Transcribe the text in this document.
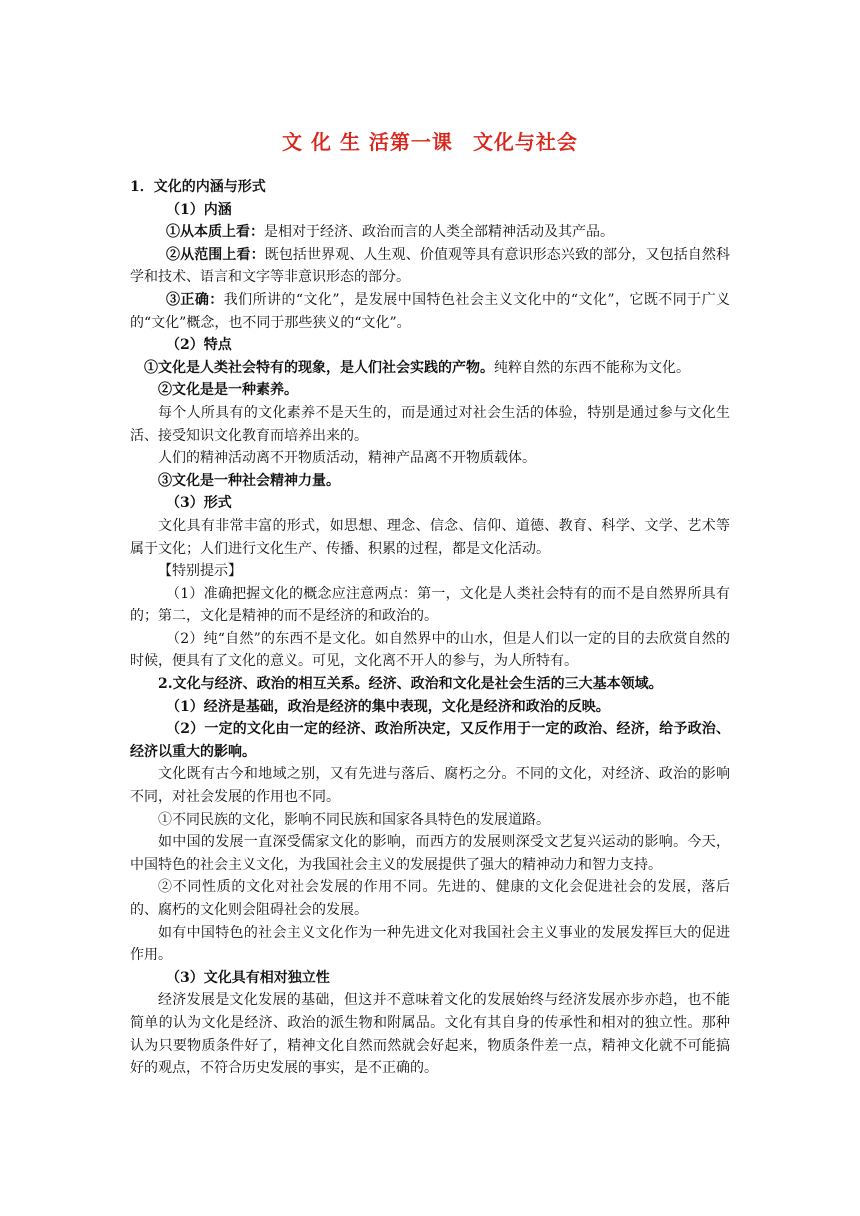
文 化 生 活第一课 文化与社会

1．文化的内涵与形式

（1）内涵

①从本质上看：是相对于经济、政治而言的人类全部精神活动及其产品。

②从范围上看：既包括世界观、人生观、价值观等具有意识形态兴致的部分，又包括自然科学和技术、语言和文字等非意识形态的部分。

③正确：我们所讲的“文化”，是发展中国特色社会主义文化中的“文化”，它既不同于广义的“文化”概念，也不同于那些狭义的“文化”。

（2）特点

①文化是人类社会特有的现象，是人们社会实践的产物。纯粹自然的东西不能称为文化。

②文化是是一种素养。

每个人所具有的文化素养不是天生的，而是通过对社会生活的体验，特别是通过参与文化生活、接受知识文化教育而培养出来的。

人们的精神活动离不开物质活动，精神产品离不开物质载体。

③文化是一种社会精神力量。

（3）形式

文化具有非常丰富的形式，如思想、理念、信念、信仰、道德、教育、科学、文学、艺术等属于文化；人们进行文化生产、传播、积累的过程，都是文化活动。

【特别提示】

（1）准确把握文化的概念应注意两点：第一，文化是人类社会特有的而不是自然界所具有的；第二，文化是精神的而不是经济的和政治的。

（2）纯“自然”的东西不是文化。如自然界中的山水，但是人们以一定的目的去欣赏自然的时候，便具有了文化的意义。可见，文化离不开人的参与，为人所特有。

2.文化与经济、政治的相互关系。经济、政治和文化是社会生活的三大基本领域。

（1）经济是基础，政治是经济的集中表现，文化是经济和政治的反映。

（2）一定的文化由一定的经济、政治所决定，又反作用于一定的政治、经济，给予政治、经济以重大的影响。

文化既有古今和地域之别，又有先进与落后、腐朽之分。不同的文化，对经济、政治的影响不同，对社会发展的作用也不同。

①不同民族的文化，影响不同民族和国家各具特色的发展道路。

如中国的发展一直深受儒家文化的影响，而西方的发展则深受文艺复兴运动的影响。今天，中国特色的社会主义文化，为我国社会主义的发展提供了强大的精神动力和智力支持。

②不同性质的文化对社会发展的作用不同。先进的、健康的文化会促进社会的发展，落后的、腐朽的文化则会阻碍社会的发展。

如有中国特色的社会主义文化作为一种先进文化对我国社会主义事业的发展发挥巨大的促进作用。

（3）文化具有相对独立性

经济发展是文化发展的基础，但这并不意味着文化的发展始终与经济发展亦步亦趋，也不能简单的认为文化是经济、政治的派生物和附属品。文化有其自身的传承性和相对的独立性。那种认为只要物质条件好了，精神文化自然而然就会好起来，物质条件差一点，精神文化就不可能搞好的观点，不符合历史发展的事实，是不正确的。
